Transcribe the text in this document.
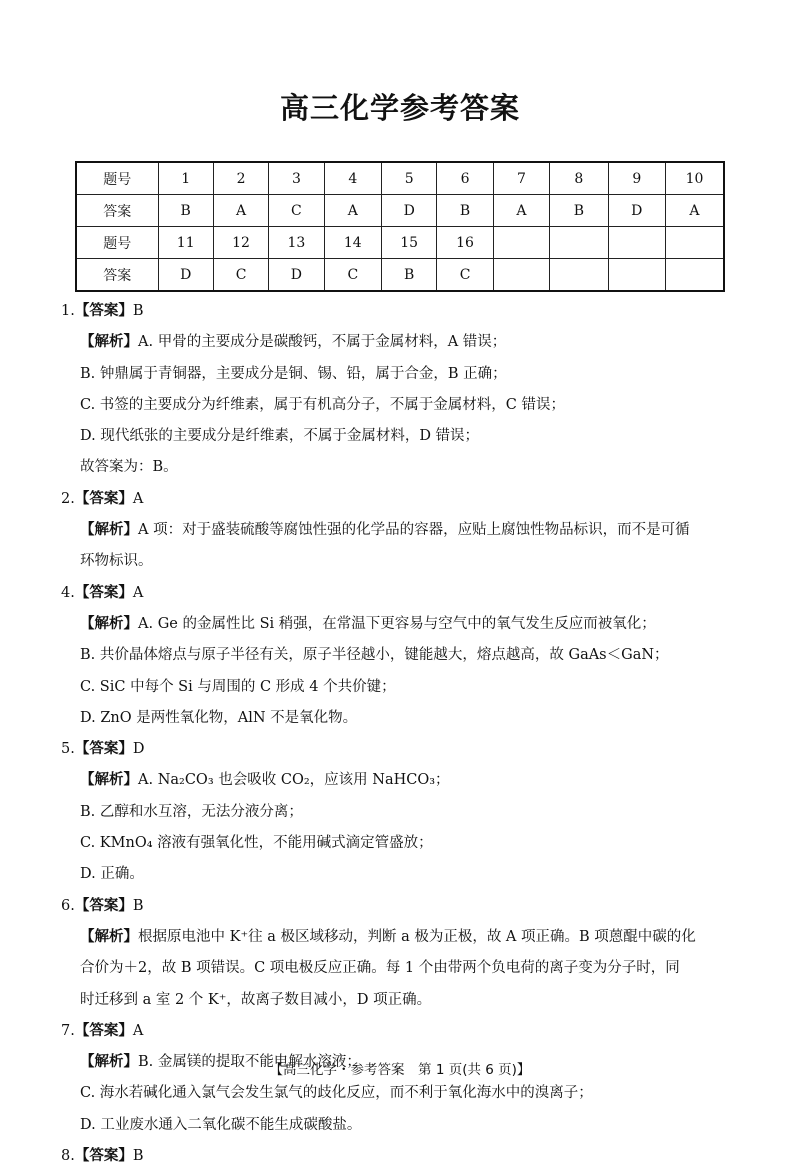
高三化学参考答案
题号	1	2	3	4	5	6	7	8	9	10
答案	B	A	C	A	D	B	A	B	D	A
题号	11	12	13	14	15	16				
答案	D	C	D	C	B	C				
1.【答案】B
【解析】A. 甲骨的主要成分是碳酸钙，不属于金属材料，A 错误；
B. 钟鼎属于青铜器，主要成分是铜、锡、铅，属于合金，B 正确；
C. 书签的主要成分为纤维素，属于有机高分子，不属于金属材料，C 错误；
D. 现代纸张的主要成分是纤维素，不属于金属材料，D 错误；
故答案为：B。
2.【答案】A
【解析】A 项：对于盛装硫酸等腐蚀性强的化学品的容器，应贴上腐蚀性物品标识，而不是可循
环物标识。
4.【答案】A
【解析】A. Ge 的金属性比 Si 稍强，在常温下更容易与空气中的氧气发生反应而被氧化；
B. 共价晶体熔点与原子半径有关，原子半径越小，键能越大，熔点越高，故 GaAs＜GaN；
C. SiC 中每个 Si 与周围的 C 形成 4 个共价键；
D. ZnO 是两性氧化物，AlN 不是氧化物。
5.【答案】D
【解析】A. Na₂CO₃ 也会吸收 CO₂，应该用 NaHCO₃；
B. 乙醇和水互溶，无法分液分离；
C. KMnO₄ 溶液有强氧化性，不能用碱式滴定管盛放；
D. 正确。
6.【答案】B
【解析】根据原电池中 K⁺往 a 极区域移动，判断 a 极为正极，故 A 项正确。B 项蒽醌中碳的化
合价为＋2，故 B 项错误。C 项电极反应正确。每 1 个由带两个负电荷的离子变为分子时，同
时迁移到 a 室 2 个 K⁺，故离子数目减小，D 项正确。
7.【答案】A
【解析】B. 金属镁的提取不能电解水溶液；
C. 海水若碱化通入氯气会发生氯气的歧化反应，而不利于氧化海水中的溴离子；
D. 工业废水通入二氧化碳不能生成碳酸盐。
8.【答案】B
【高三化学・参考答案　第 1 页(共 6 页)】
